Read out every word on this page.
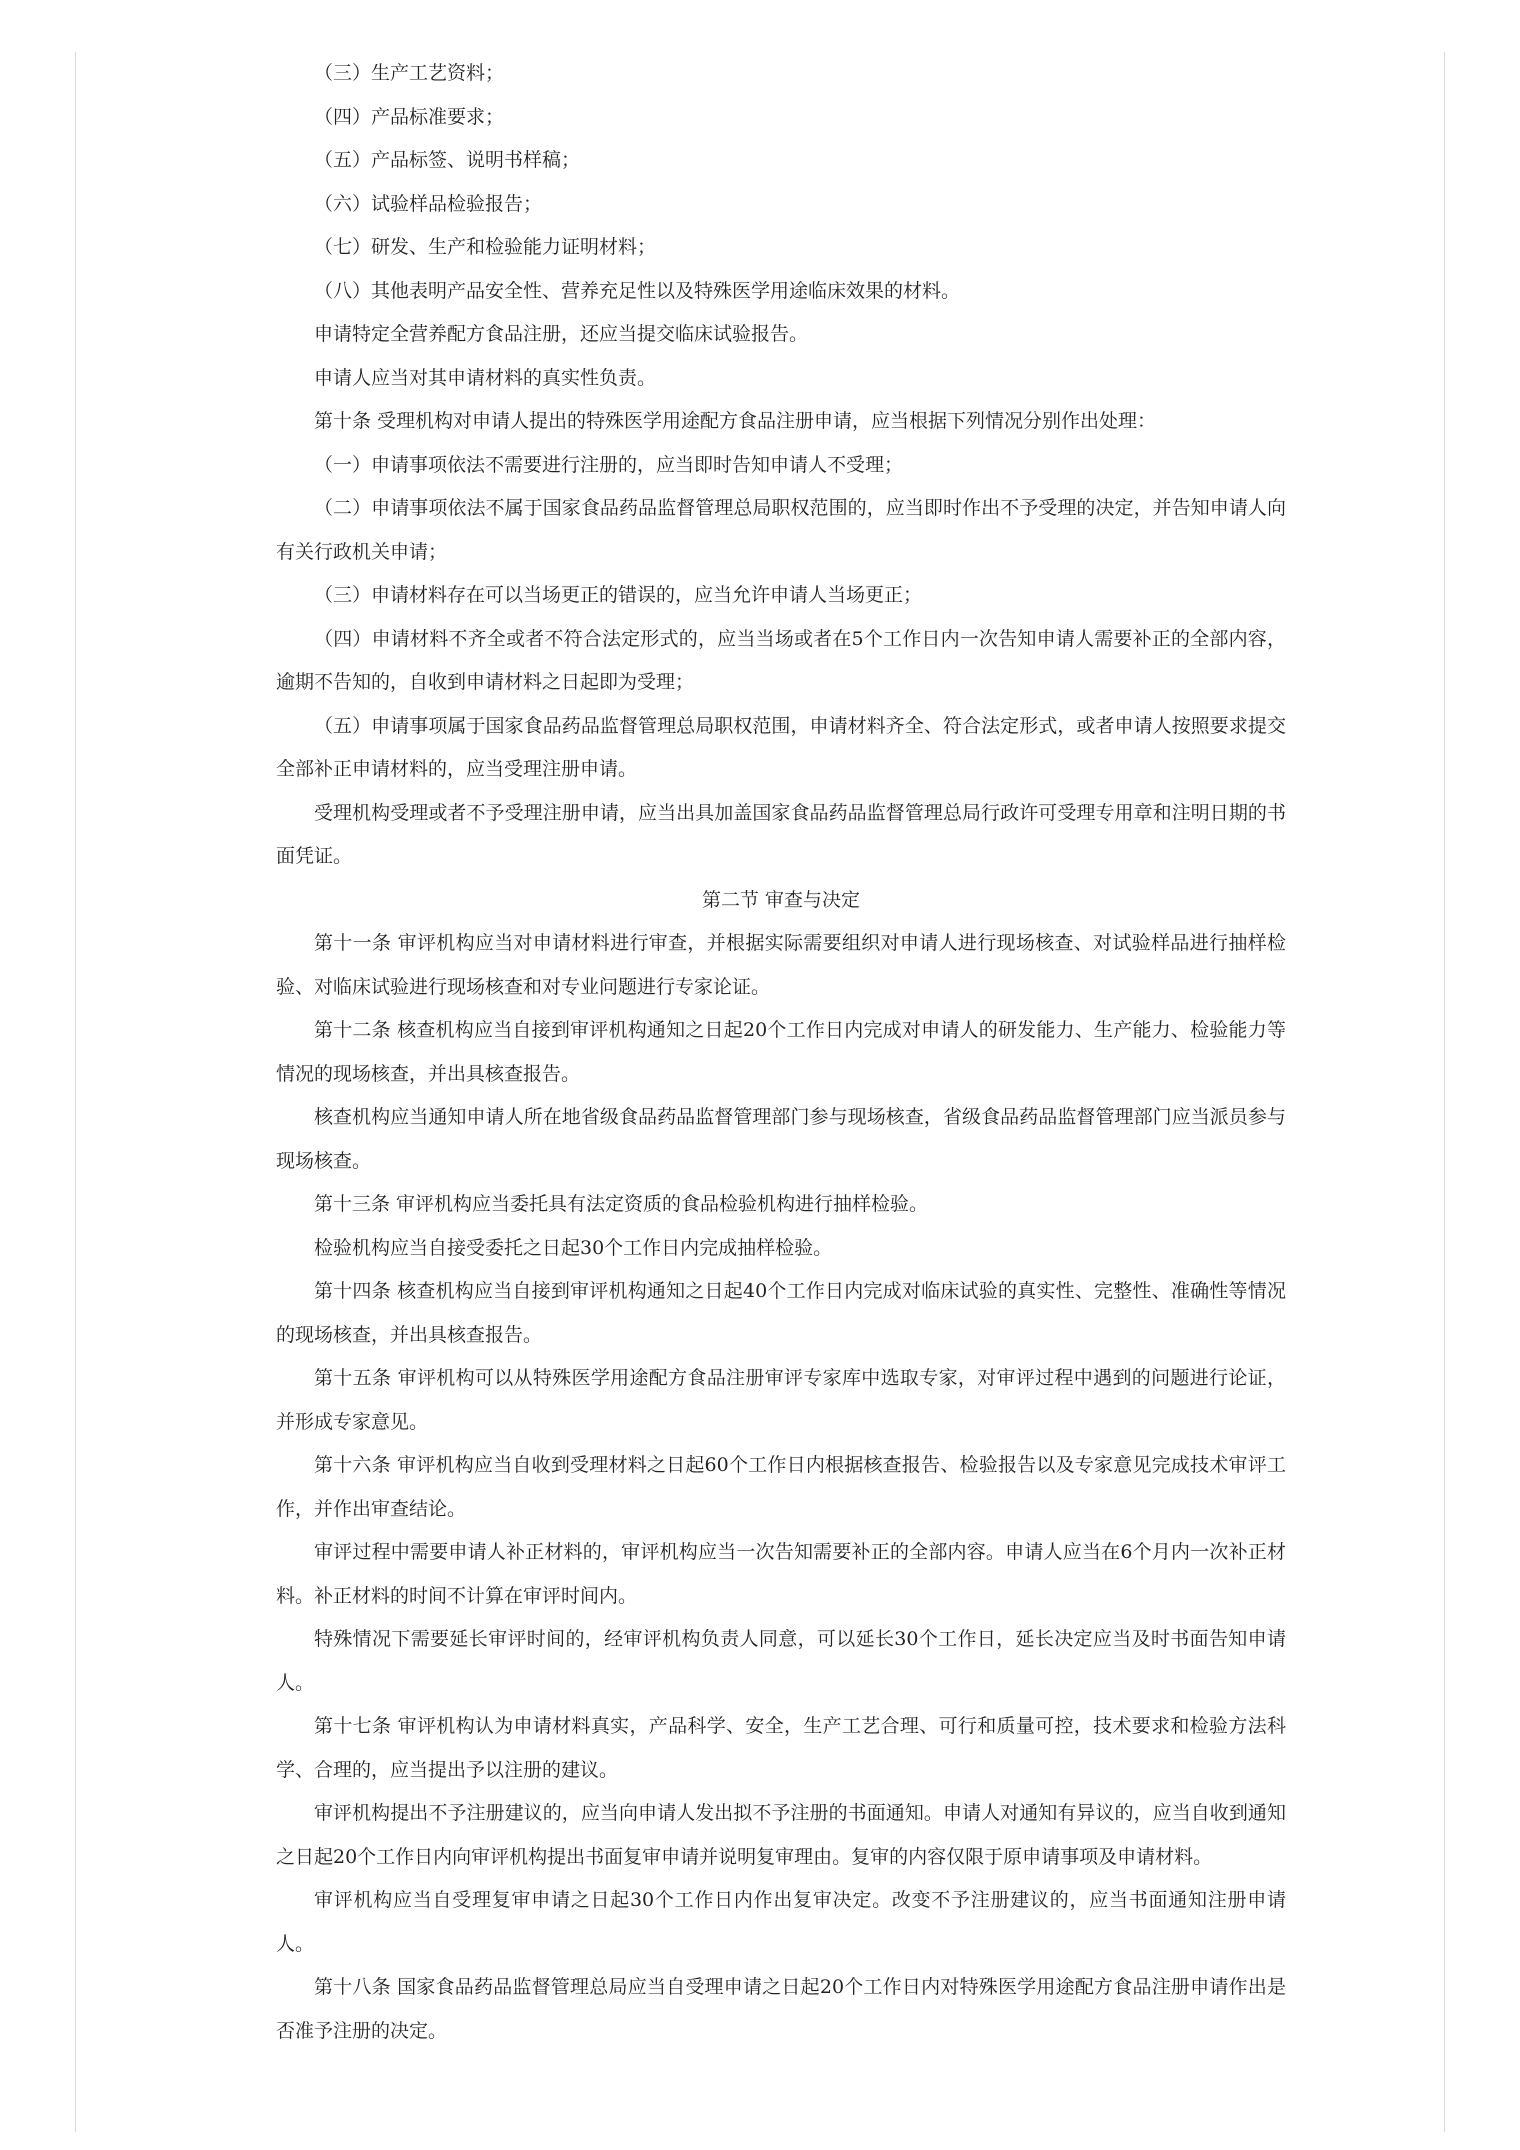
（三）生产工艺资料；

（四）产品标准要求；

（五）产品标签、说明书样稿；

（六）试验样品检验报告；

（七）研发、生产和检验能力证明材料；

（八）其他表明产品安全性、营养充足性以及特殊医学用途临床效果的材料。

申请特定全营养配方食品注册，还应当提交临床试验报告。

申请人应当对其申请材料的真实性负责。

第十条 受理机构对申请人提出的特殊医学用途配方食品注册申请，应当根据下列情况分别作出处理：

（一）申请事项依法不需要进行注册的，应当即时告知申请人不受理；

（二）申请事项依法不属于国家食品药品监督管理总局职权范围的，应当即时作出不予受理的决定，并告知申请人向有关行政机关申请；

（三）申请材料存在可以当场更正的错误的，应当允许申请人当场更正；

（四）申请材料不齐全或者不符合法定形式的，应当当场或者在5个工作日内一次告知申请人需要补正的全部内容，逾期不告知的，自收到申请材料之日起即为受理；

（五）申请事项属于国家食品药品监督管理总局职权范围，申请材料齐全、符合法定形式，或者申请人按照要求提交全部补正申请材料的，应当受理注册申请。

受理机构受理或者不予受理注册申请，应当出具加盖国家食品药品监督管理总局行政许可受理专用章和注明日期的书面凭证。

第二节 审查与决定

第十一条 审评机构应当对申请材料进行审查，并根据实际需要组织对申请人进行现场核查、对试验样品进行抽样检验、对临床试验进行现场核查和对专业问题进行专家论证。

第十二条 核查机构应当自接到审评机构通知之日起20个工作日内完成对申请人的研发能力、生产能力、检验能力等情况的现场核查，并出具核查报告。

核查机构应当通知申请人所在地省级食品药品监督管理部门参与现场核查，省级食品药品监督管理部门应当派员参与现场核查。

第十三条 审评机构应当委托具有法定资质的食品检验机构进行抽样检验。

检验机构应当自接受委托之日起30个工作日内完成抽样检验。

第十四条 核查机构应当自接到审评机构通知之日起40个工作日内完成对临床试验的真实性、完整性、准确性等情况的现场核查，并出具核查报告。

第十五条 审评机构可以从特殊医学用途配方食品注册审评专家库中选取专家，对审评过程中遇到的问题进行论证，并形成专家意见。

第十六条 审评机构应当自收到受理材料之日起60个工作日内根据核查报告、检验报告以及专家意见完成技术审评工作，并作出审查结论。

审评过程中需要申请人补正材料的，审评机构应当一次告知需要补正的全部内容。申请人应当在6个月内一次补正材料。补正材料的时间不计算在审评时间内。

特殊情况下需要延长审评时间的，经审评机构负责人同意，可以延长30个工作日，延长决定应当及时书面告知申请人。

第十七条 审评机构认为申请材料真实，产品科学、安全，生产工艺合理、可行和质量可控，技术要求和检验方法科学、合理的，应当提出予以注册的建议。

审评机构提出不予注册建议的，应当向申请人发出拟不予注册的书面通知。申请人对通知有异议的，应当自收到通知之日起20个工作日内向审评机构提出书面复审申请并说明复审理由。复审的内容仅限于原申请事项及申请材料。

审评机构应当自受理复审申请之日起30个工作日内作出复审决定。改变不予注册建议的，应当书面通知注册申请人。

第十八条 国家食品药品监督管理总局应当自受理申请之日起20个工作日内对特殊医学用途配方食品注册申请作出是否准予注册的决定。
